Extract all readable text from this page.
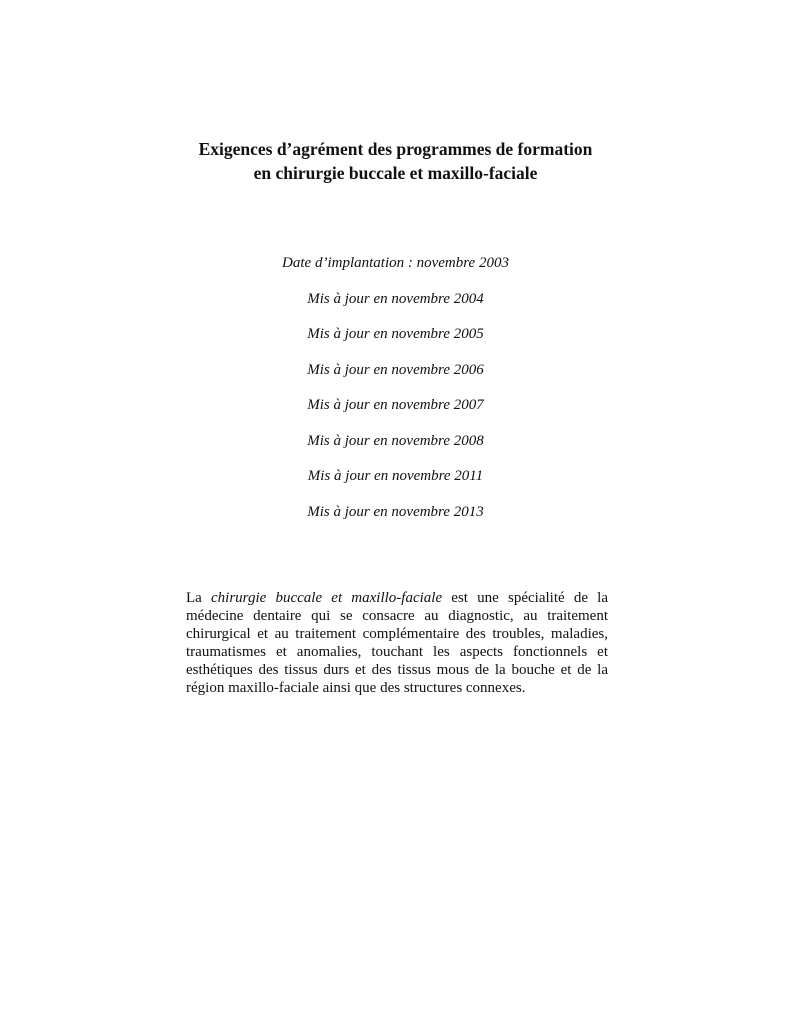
Exigences d’agrément des programmes de formation
en chirurgie buccale et maxillo-faciale
Date d’implantation : novembre 2003
Mis à jour en novembre 2004
Mis à jour en novembre 2005
Mis à jour en novembre 2006
Mis à jour en novembre 2007
Mis à jour en novembre 2008
Mis à jour en novembre 2011
Mis à jour en novembre 2013

La chirurgie buccale et maxillo-faciale est une spécialité de la médecine dentaire qui se consacre au diagnostic, au traitement chirurgical et au traitement complémentaire des troubles, maladies, traumatismes et anomalies, touchant les aspects fonctionnels et esthétiques des tissus durs et des tissus mous de la bouche et de la région maxillo-faciale ainsi que des structures connexes.
